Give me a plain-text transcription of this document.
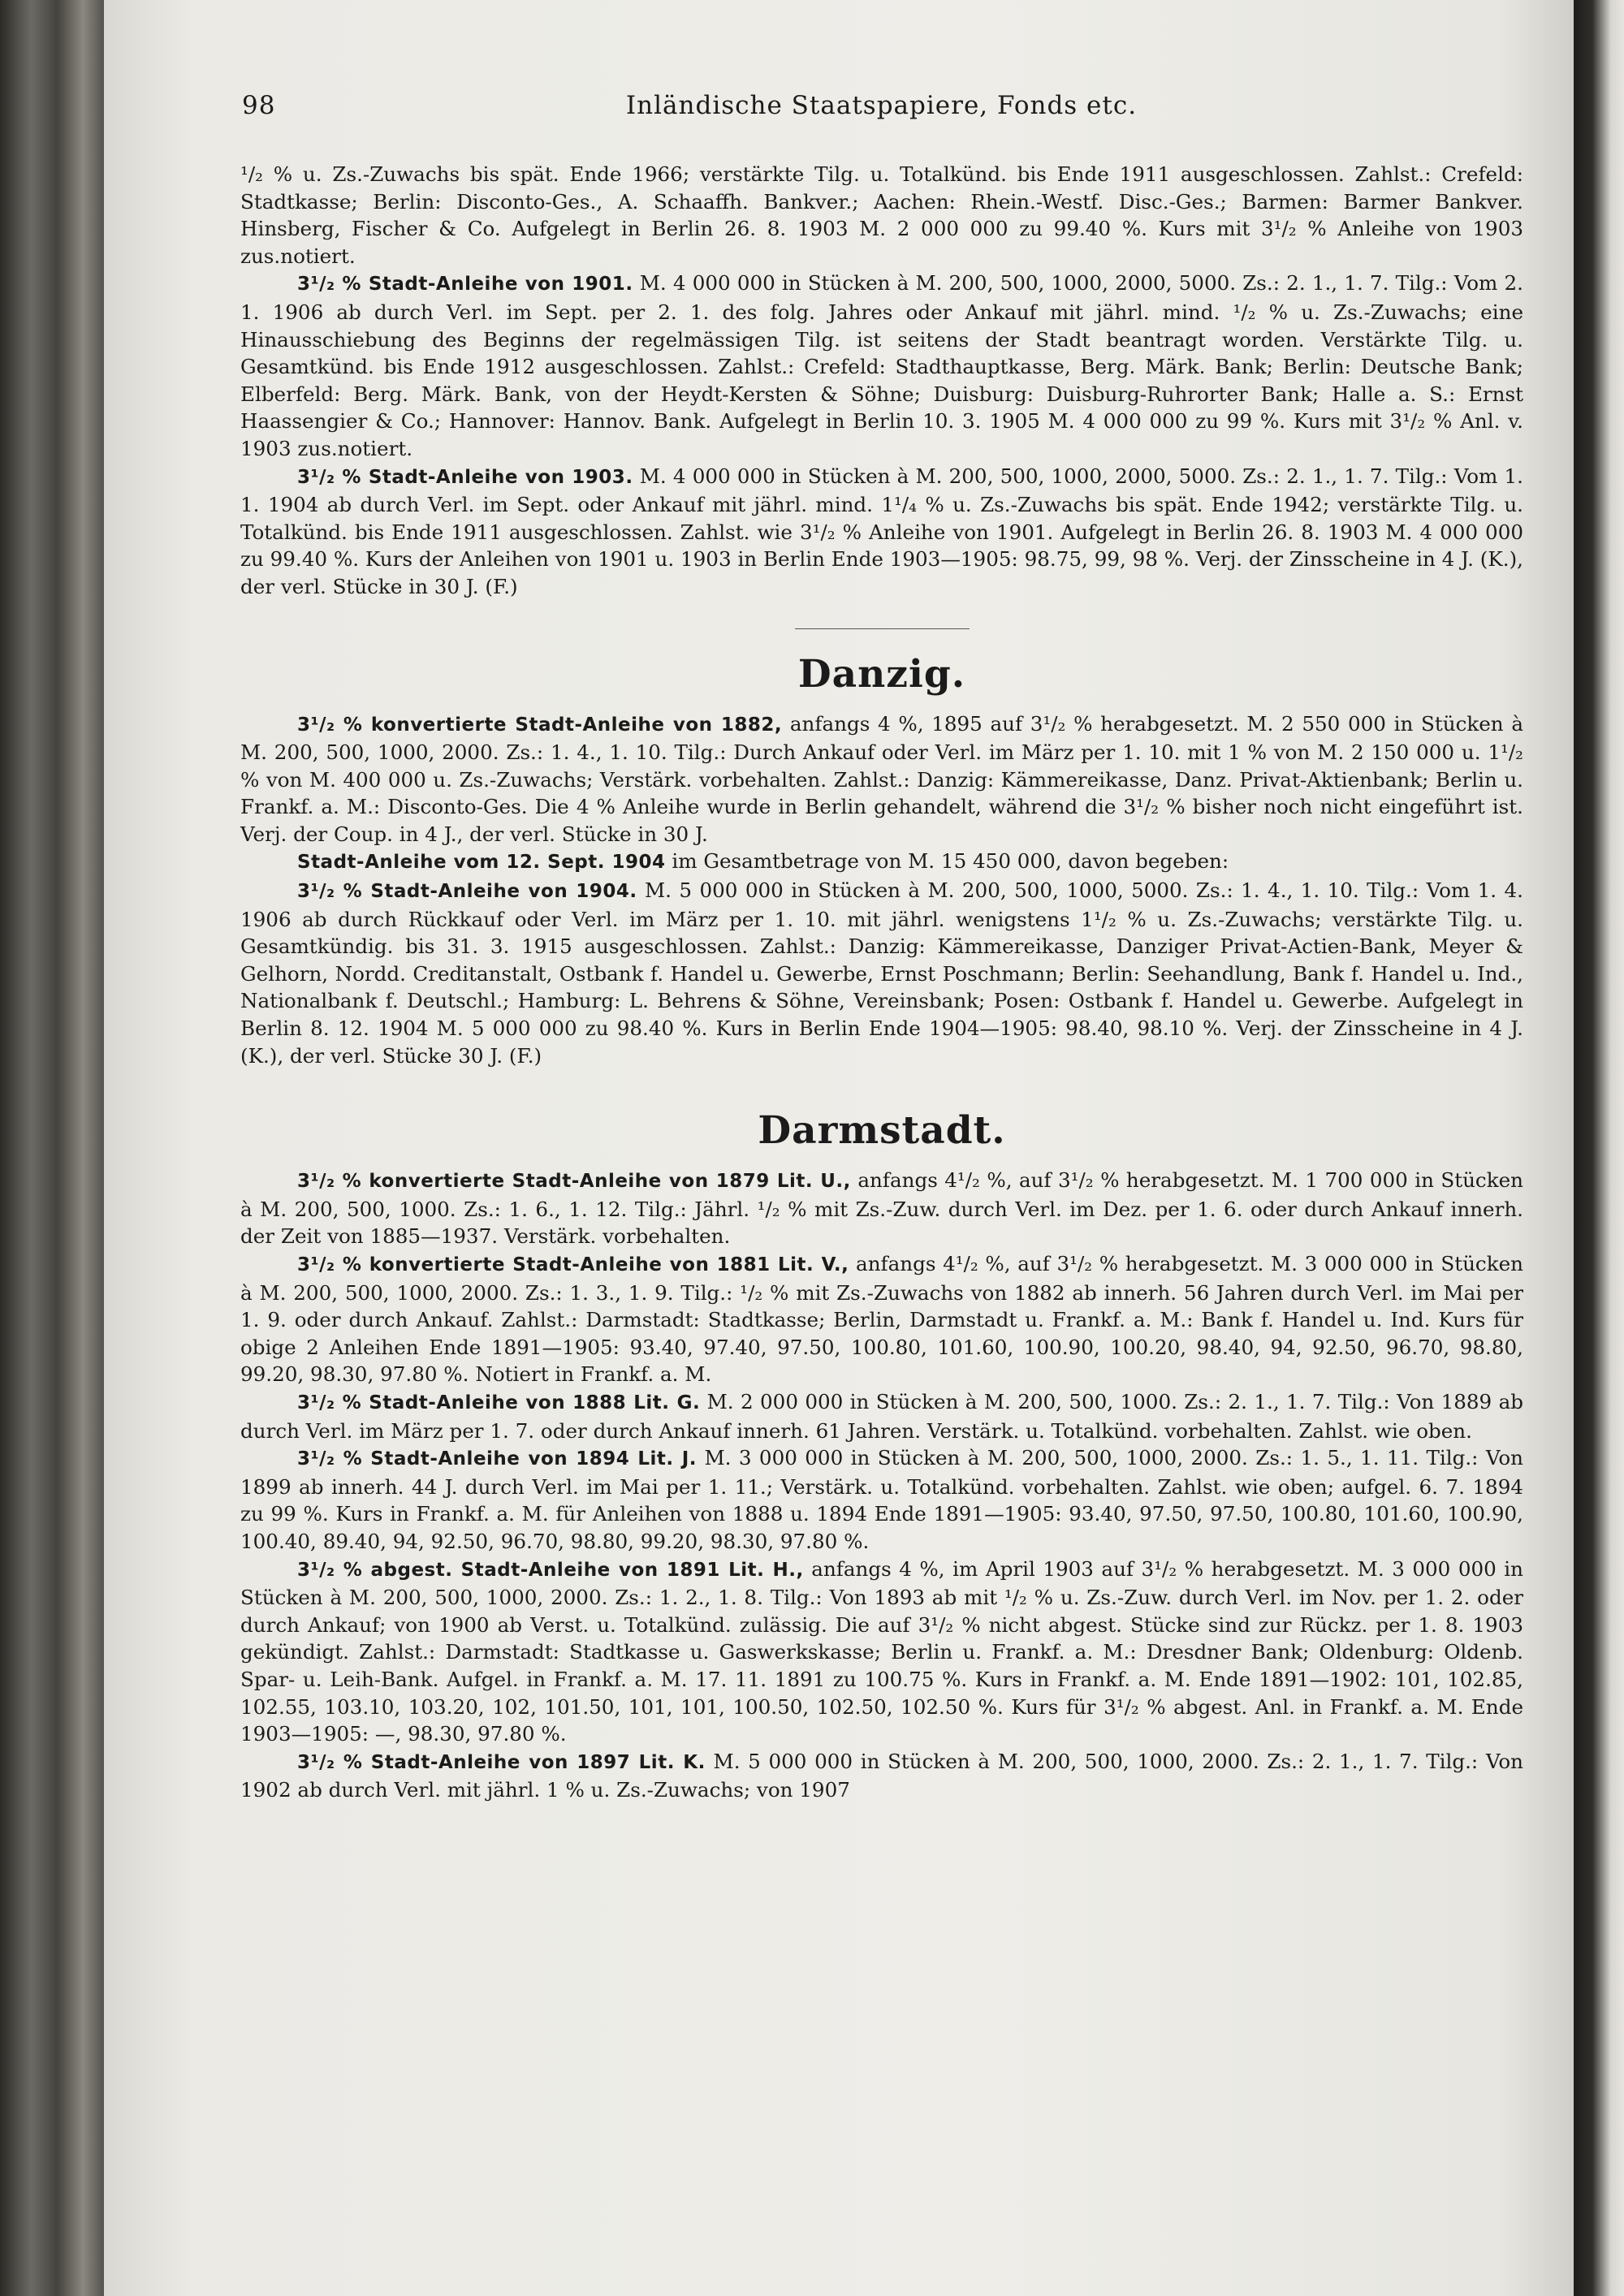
98	Inländische Staatspapiere, Fonds etc.

¹/₂ % u. Zs.-Zuwachs bis spät. Ende 1966; verstärkte Tilg. u. Totalkünd. bis Ende 1911 ausgeschlossen. Zahlst.: Crefeld: Stadtkasse; Berlin: Disconto-Ges., A. Schaaffh. Bankver.; Aachen: Rhein.-Westf. Disc.-Ges.; Barmen: Barmer Bankver. Hinsberg, Fischer & Co. Aufgelegt in Berlin 26. 8. 1903 M. 2 000 000 zu 99.40 %. Kurs mit 3¹/₂ % Anleihe von 1903 zus.notiert.

3¹/₂ % Stadt-Anleihe von 1901. M. 4 000 000 in Stücken à M. 200, 500, 1000, 2000, 5000. Zs.: 2. 1., 1. 7. Tilg.: Vom 2. 1. 1906 ab durch Verl. im Sept. per 2. 1. des folg. Jahres oder Ankauf mit jährl. mind. ¹/₂ % u. Zs.-Zuwachs; eine Hinausschiebung des Beginns der regelmässigen Tilg. ist seitens der Stadt beantragt worden. Verstärkte Tilg. u. Gesamtkünd. bis Ende 1912 ausgeschlossen. Zahlst.: Crefeld: Stadthauptkasse, Berg. Märk. Bank; Berlin: Deutsche Bank; Elberfeld: Berg. Märk. Bank, von der Heydt-Kersten & Söhne; Duisburg: Duisburg-Ruhrorter Bank; Halle a. S.: Ernst Haassengier & Co.; Hannover: Hannov. Bank. Aufgelegt in Berlin 10. 3. 1905 M. 4 000 000 zu 99 %. Kurs mit 3¹/₂ % Anl. v. 1903 zus.notiert.

3¹/₂ % Stadt-Anleihe von 1903. M. 4 000 000 in Stücken à M. 200, 500, 1000, 2000, 5000. Zs.: 2. 1., 1. 7. Tilg.: Vom 1. 1. 1904 ab durch Verl. im Sept. oder Ankauf mit jährl. mind. 1¹/₄ % u. Zs.-Zuwachs bis spät. Ende 1942; verstärkte Tilg. u. Totalkünd. bis Ende 1911 ausgeschlossen. Zahlst. wie 3¹/₂ % Anleihe von 1901. Aufgelegt in Berlin 26. 8. 1903 M. 4 000 000 zu 99.40 %. Kurs der Anleihen von 1901 u. 1903 in Berlin Ende 1903—1905: 98.75, 99, 98 %. Verj. der Zinsscheine in 4 J. (K.), der verl. Stücke in 30 J. (F.)

Danzig.

3¹/₂ % konvertierte Stadt-Anleihe von 1882, anfangs 4 %, 1895 auf 3¹/₂ % herabgesetzt. M. 2 550 000 in Stücken à M. 200, 500, 1000, 2000. Zs.: 1. 4., 1. 10. Tilg.: Durch Ankauf oder Verl. im März per 1. 10. mit 1 % von M. 2 150 000 u. 1¹/₂ % von M. 400 000 u. Zs.-Zuwachs; Verstärk. vorbehalten. Zahlst.: Danzig: Kämmereikasse, Danz. Privat-Aktienbank; Berlin u. Frankf. a. M.: Disconto-Ges. Die 4 % Anleihe wurde in Berlin gehandelt, während die 3¹/₂ % bisher noch nicht eingeführt ist. Verj. der Coup. in 4 J., der verl. Stücke in 30 J.

Stadt-Anleihe vom 12. Sept. 1904 im Gesamtbetrage von M. 15 450 000, davon begeben:

3¹/₂ % Stadt-Anleihe von 1904. M. 5 000 000 in Stücken à M. 200, 500, 1000, 5000. Zs.: 1. 4., 1. 10. Tilg.: Vom 1. 4. 1906 ab durch Rückkauf oder Verl. im März per 1. 10. mit jährl. wenigstens 1¹/₂ % u. Zs.-Zuwachs; verstärkte Tilg. u. Gesamtkündig. bis 31. 3. 1915 ausgeschlossen. Zahlst.: Danzig: Kämmereikasse, Danziger Privat-Actien-Bank, Meyer & Gelhorn, Nordd. Creditanstalt, Ostbank f. Handel u. Gewerbe, Ernst Poschmann; Berlin: Seehandlung, Bank f. Handel u. Ind., Nationalbank f. Deutschl.; Hamburg: L. Behrens & Söhne, Vereinsbank; Posen: Ostbank f. Handel u. Gewerbe. Aufgelegt in Berlin 8. 12. 1904 M. 5 000 000 zu 98.40 %. Kurs in Berlin Ende 1904—1905: 98.40, 98.10 %. Verj. der Zinsscheine in 4 J. (K.), der verl. Stücke 30 J. (F.)

Darmstadt.

3¹/₂ % konvertierte Stadt-Anleihe von 1879 Lit. U., anfangs 4¹/₂ %, auf 3¹/₂ % herabgesetzt. M. 1 700 000 in Stücken à M. 200, 500, 1000. Zs.: 1. 6., 1. 12. Tilg.: Jährl. ¹/₂ % mit Zs.-Zuw. durch Verl. im Dez. per 1. 6. oder durch Ankauf innerh. der Zeit von 1885—1937. Verstärk. vorbehalten.

3¹/₂ % konvertierte Stadt-Anleihe von 1881 Lit. V., anfangs 4¹/₂ %, auf 3¹/₂ % herabgesetzt. M. 3 000 000 in Stücken à M. 200, 500, 1000, 2000. Zs.: 1. 3., 1. 9. Tilg.: ¹/₂ % mit Zs.-Zuwachs von 1882 ab innerh. 56 Jahren durch Verl. im Mai per 1. 9. oder durch Ankauf. Zahlst.: Darmstadt: Stadtkasse; Berlin, Darmstadt u. Frankf. a. M.: Bank f. Handel u. Ind. Kurs für obige 2 Anleihen Ende 1891—1905: 93.40, 97.40, 97.50, 100.80, 101.60, 100.90, 100.20, 98.40, 94, 92.50, 96.70, 98.80, 99.20, 98.30, 97.80 %. Notiert in Frankf. a. M.

3¹/₂ % Stadt-Anleihe von 1888 Lit. G. M. 2 000 000 in Stücken à M. 200, 500, 1000. Zs.: 2. 1., 1. 7. Tilg.: Von 1889 ab durch Verl. im März per 1. 7. oder durch Ankauf innerh. 61 Jahren. Verstärk. u. Totalkünd. vorbehalten. Zahlst. wie oben.

3¹/₂ % Stadt-Anleihe von 1894 Lit. J. M. 3 000 000 in Stücken à M. 200, 500, 1000, 2000. Zs.: 1. 5., 1. 11. Tilg.: Von 1899 ab innerh. 44 J. durch Verl. im Mai per 1. 11.; Verstärk. u. Totalkünd. vorbehalten. Zahlst. wie oben; aufgel. 6. 7. 1894 zu 99 %. Kurs in Frankf. a. M. für Anleihen von 1888 u. 1894 Ende 1891—1905: 93.40, 97.50, 97.50, 100.80, 101.60, 100.90, 100.40, 89.40, 94, 92.50, 96.70, 98.80, 99.20, 98.30, 97.80 %.

3¹/₂ % abgest. Stadt-Anleihe von 1891 Lit. H., anfangs 4 %, im April 1903 auf 3¹/₂ % herabgesetzt. M. 3 000 000 in Stücken à M. 200, 500, 1000, 2000. Zs.: 1. 2., 1. 8. Tilg.: Von 1893 ab mit ¹/₂ % u. Zs.-Zuw. durch Verl. im Nov. per 1. 2. oder durch Ankauf; von 1900 ab Verst. u. Totalkünd. zulässig. Die auf 3¹/₂ % nicht abgest. Stücke sind zur Rückz. per 1. 8. 1903 gekündigt. Zahlst.: Darmstadt: Stadtkasse u. Gaswerkskasse; Berlin u. Frankf. a. M.: Dresdner Bank; Oldenburg: Oldenb. Spar- u. Leih-Bank. Aufgel. in Frankf. a. M. 17. 11. 1891 zu 100.75 %. Kurs in Frankf. a. M. Ende 1891—1902: 101, 102.85, 102.55, 103.10, 103.20, 102, 101.50, 101, 101, 100.50, 102.50, 102.50 %. Kurs für 3¹/₂ % abgest. Anl. in Frankf. a. M. Ende 1903—1905: —, 98.30, 97.80 %.

3¹/₂ % Stadt-Anleihe von 1897 Lit. K. M. 5 000 000 in Stücken à M. 200, 500, 1000, 2000. Zs.: 2. 1., 1. 7. Tilg.: Von 1902 ab durch Verl. mit jährl. 1 % u. Zs.-Zuwachs; von 1907
